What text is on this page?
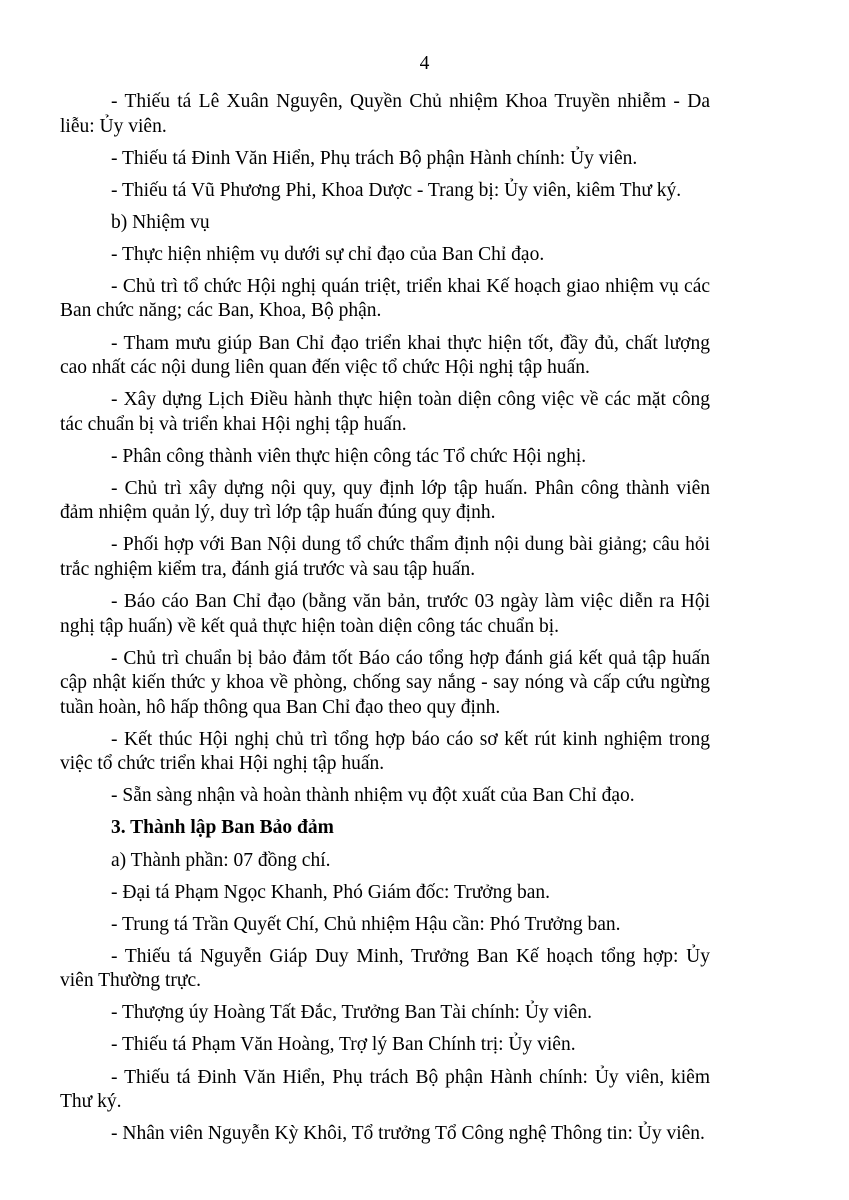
4

- Thiếu tá Lê Xuân Nguyên, Quyền Chủ nhiệm Khoa Truyền nhiễm - Da liễu: Ủy viên.

- Thiếu tá Đinh Văn Hiển, Phụ trách Bộ phận Hành chính: Ủy viên.

- Thiếu tá Vũ Phương Phi, Khoa Dược - Trang bị: Ủy viên, kiêm Thư ký.

b) Nhiệm vụ

- Thực hiện nhiệm vụ dưới sự chỉ đạo của Ban Chỉ đạo.

- Chủ trì tổ chức Hội nghị quán triệt, triển khai Kế hoạch giao nhiệm vụ các Ban chức năng; các Ban, Khoa, Bộ phận.

- Tham mưu giúp Ban Chỉ đạo triển khai thực hiện tốt, đầy đủ, chất lượng cao nhất các nội dung liên quan đến việc tổ chức Hội nghị tập huấn.

- Xây dựng Lịch Điều hành thực hiện toàn diện công việc về các mặt công tác chuẩn bị và triển khai Hội nghị tập huấn.

- Phân công thành viên thực hiện công tác Tổ chức Hội nghị.

- Chủ trì xây dựng nội quy, quy định lớp tập huấn. Phân công thành viên đảm nhiệm quản lý, duy trì lớp tập huấn đúng quy định.

- Phối hợp với Ban Nội dung tổ chức thẩm định nội dung bài giảng; câu hỏi trắc nghiệm kiểm tra, đánh giá trước và sau tập huấn.

- Báo cáo Ban Chỉ đạo (bằng văn bản, trước 03 ngày làm việc diễn ra Hội nghị tập huấn) về kết quả thực hiện toàn diện công tác chuẩn bị.

- Chủ trì chuẩn bị bảo đảm tốt Báo cáo tổng hợp đánh giá kết quả tập huấn cập nhật kiến thức y khoa về phòng, chống say nắng - say nóng và cấp cứu ngừng tuần hoàn, hô hấp thông qua Ban Chỉ đạo theo quy định.

- Kết thúc Hội nghị chủ trì tổng hợp báo cáo sơ kết rút kinh nghiệm trong việc tổ chức triển khai Hội nghị tập huấn.

- Sẵn sàng nhận và hoàn thành nhiệm vụ đột xuất của Ban Chỉ đạo.

3. Thành lập Ban Bảo đảm

a) Thành phần: 07 đồng chí.

- Đại tá Phạm Ngọc Khanh, Phó Giám đốc: Trưởng ban.

- Trung tá Trần Quyết Chí, Chủ nhiệm Hậu cần: Phó Trưởng ban.

- Thiếu tá Nguyễn Giáp Duy Minh, Trưởng Ban Kế hoạch tổng hợp: Ủy viên Thường trực.

- Thượng úy Hoàng Tất Đắc, Trưởng Ban Tài chính: Ủy viên.

- Thiếu tá Phạm Văn Hoàng, Trợ lý Ban Chính trị: Ủy viên.

- Thiếu tá Đinh Văn Hiển, Phụ trách Bộ phận Hành chính: Ủy viên, kiêm Thư ký.

- Nhân viên Nguyễn Kỳ Khôi, Tổ trưởng Tổ Công nghệ Thông tin: Ủy viên.
